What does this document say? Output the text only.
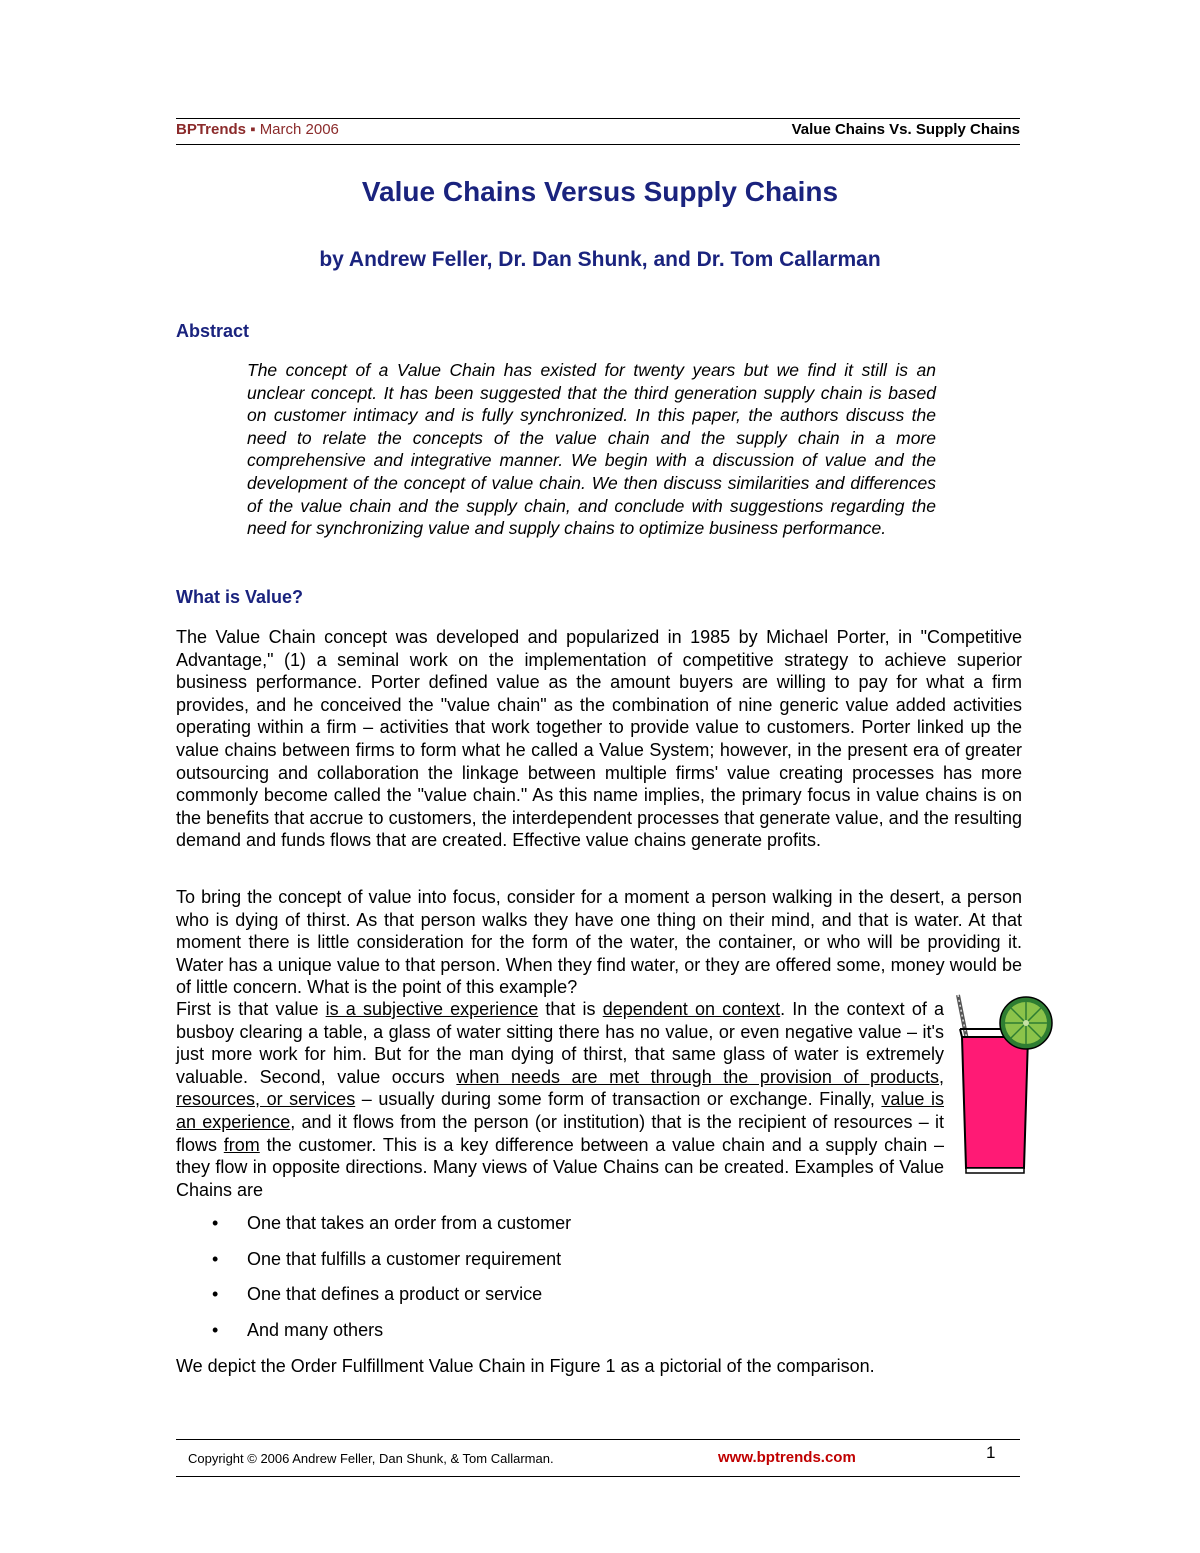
BPTrends ▪ March 2006	Value Chains Vs. Supply Chains
Value Chains Versus Supply Chains
by Andrew Feller, Dr. Dan Shunk, and Dr. Tom Callarman
Abstract
The concept of a Value Chain has existed for twenty years but we find it still is an unclear concept. It has been suggested that the third generation supply chain is based on customer intimacy and is fully synchronized. In this paper, the authors discuss the need to relate the concepts of the value chain and the supply chain in a more comprehensive and integrative manner. We begin with a discussion of value and the development of the concept of value chain. We then discuss similarities and differences of the value chain and the supply chain, and conclude with suggestions regarding the need for synchronizing value and supply chains to optimize business performance.
What is Value?
The Value Chain concept was developed and popularized in 1985 by Michael Porter, in "Competitive Advantage," (1) a seminal work on the implementation of competitive strategy to achieve superior business performance. Porter defined value as the amount buyers are willing to pay for what a firm provides, and he conceived the "value chain" as the combination of nine generic value added activities operating within a firm – activities that work together to provide value to customers. Porter linked up the value chains between firms to form what he called a Value System; however, in the present era of greater outsourcing and collaboration the linkage between multiple firms' value creating processes has more commonly become called the "value chain." As this name implies, the primary focus in value chains is on the benefits that accrue to customers, the interdependent processes that generate value, and the resulting demand and funds flows that are created. Effective value chains generate profits.
To bring the concept of value into focus, consider for a moment a person walking in the desert, a person who is dying of thirst. As that person walks they have one thing on their mind, and that is water. At that moment there is little consideration for the form of the water, the container, or who will be providing it. Water has a unique value to that person. When they find water, or they are offered some, money would be of little concern. What is the point of this example?
First is that value is a subjective experience that is dependent on context. In the context of a busboy clearing a table, a glass of water sitting there has no value, or even negative value – it's just more work for him. But for the man dying of thirst, that same glass of water is extremely valuable. Second, value occurs when needs are met through the provision of products, resources, or services – usually during some form of transaction or exchange. Finally, value is an experience, and it flows from the person (or institution) that is the recipient of resources – it flows from the customer. This is a key difference between a value chain and a supply chain – they flow in opposite directions. Many views of Value Chains can be created. Examples of Value Chains are
• One that takes an order from a customer
• One that fulfills a customer requirement
• One that defines a product or service
• And many others
We depict the Order Fulfillment Value Chain in Figure 1 as a pictorial of the comparison.
Copyright © 2006 Andrew Feller, Dan Shunk, & Tom Callarman.	www.bptrends.com	1
